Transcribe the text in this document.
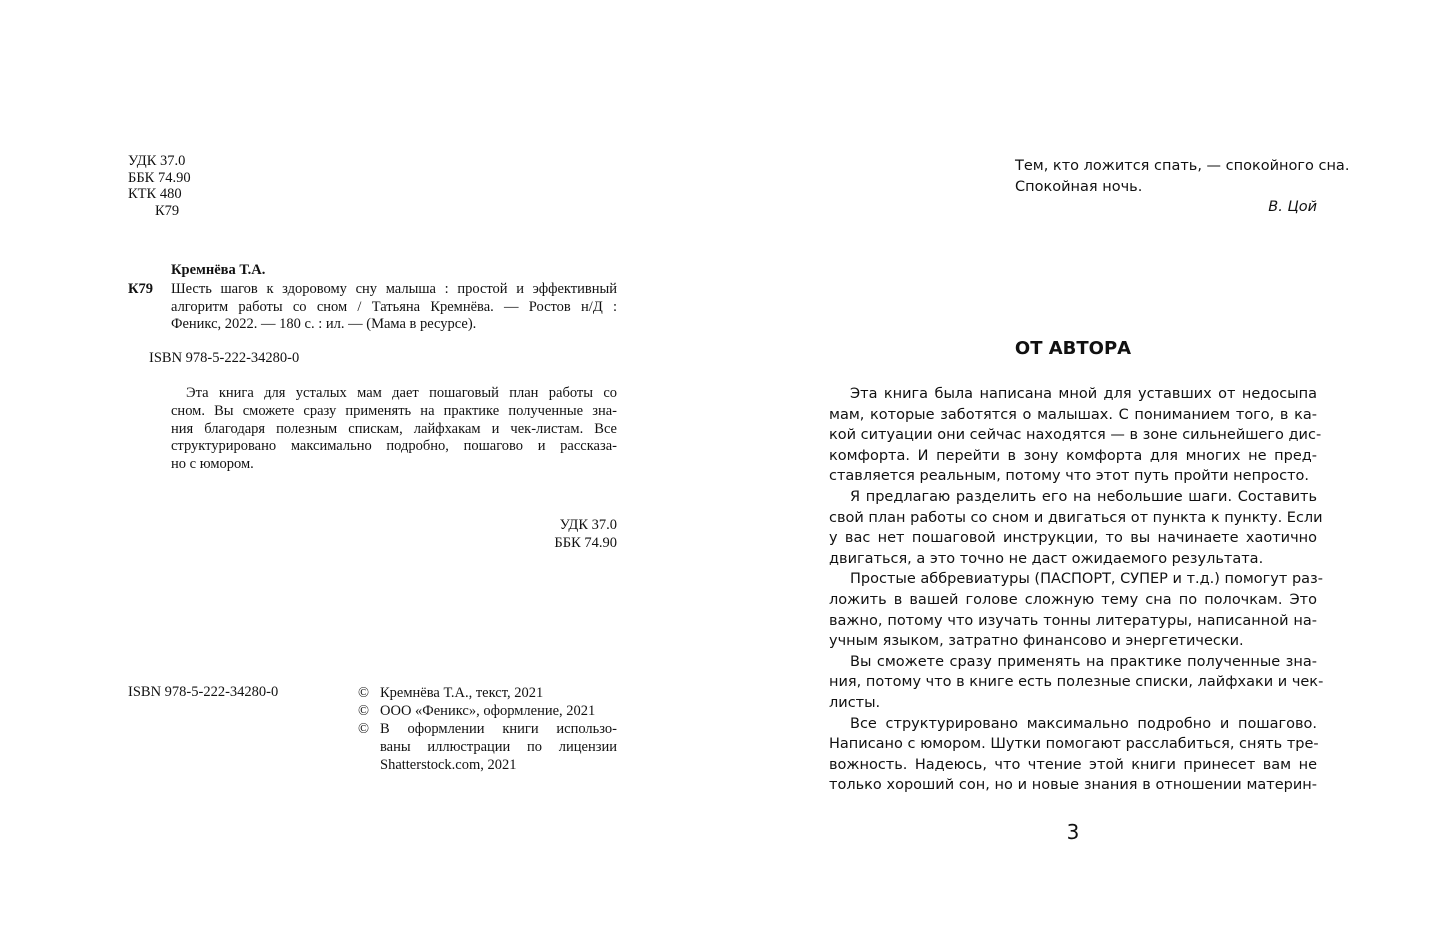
УДК 37.0
ББК 74.90
КТК 480
К79
Кремнёва Т.А.
К79 Шесть шагов к здоровому сну малыша : простой и эффективный
алгоритм работы со сном / Татьяна Кремнёва. — Ростов н/Д :
Феникс, 2022. — 180 с. : ил. — (Мама в ресурсе).
ISBN 978-5-222-34280-0
Эта книга для усталых мам дает пошаговый план работы со
сном. Вы сможете сразу применять на практике полученные зна-
ния благодаря полезным спискам, лайфхакам и чек-листам. Все
структурировано максимально подробно, пошагово и рассказа-
но с юмором.
УДК 37.0
ББК 74.90
ISBN 978-5-222-34280-0	© Кремнёва Т.А., текст, 2021
© ООО «Феникс», оформление, 2021
© В оформлении книги использо-
ваны иллюстрации по лицензии
Shatterstock.com, 2021
Тем, кто ложится спать, — спокойного сна.
Спокойная ночь.
В. Цой
ОТ АВТОРА
Эта книга была написана мной для уставших от недосыпа
мам, которые заботятся о малышах. С пониманием того, в ка-
кой ситуации они сейчас находятся — в зоне сильнейшего дис-
комфорта. И перейти в зону комфорта для многих не пред-
ставляется реальным, потому что этот путь пройти непросто.
Я предлагаю разделить его на небольшие шаги. Составить
свой план работы со сном и двигаться от пункта к пункту. Если
у вас нет пошаговой инструкции, то вы начинаете хаотично
двигаться, а это точно не даст ожидаемого результата.
Простые аббревиатуры (ПАСПОРТ, СУПЕР и т.д.) помогут раз-
ложить в вашей голове сложную тему сна по полочкам. Это
важно, потому что изучать тонны литературы, написанной на-
учным языком, затратно финансово и энергетически.
Вы сможете сразу применять на практике полученные зна-
ния, потому что в книге есть полезные списки, лайфхаки и чек-
листы.
Все структурировано максимально подробно и пошагово.
Написано с юмором. Шутки помогают расслабиться, снять тре-
вожность. Надеюсь, что чтение этой книги принесет вам не
только хороший сон, но и новые знания в отношении материн-
3
